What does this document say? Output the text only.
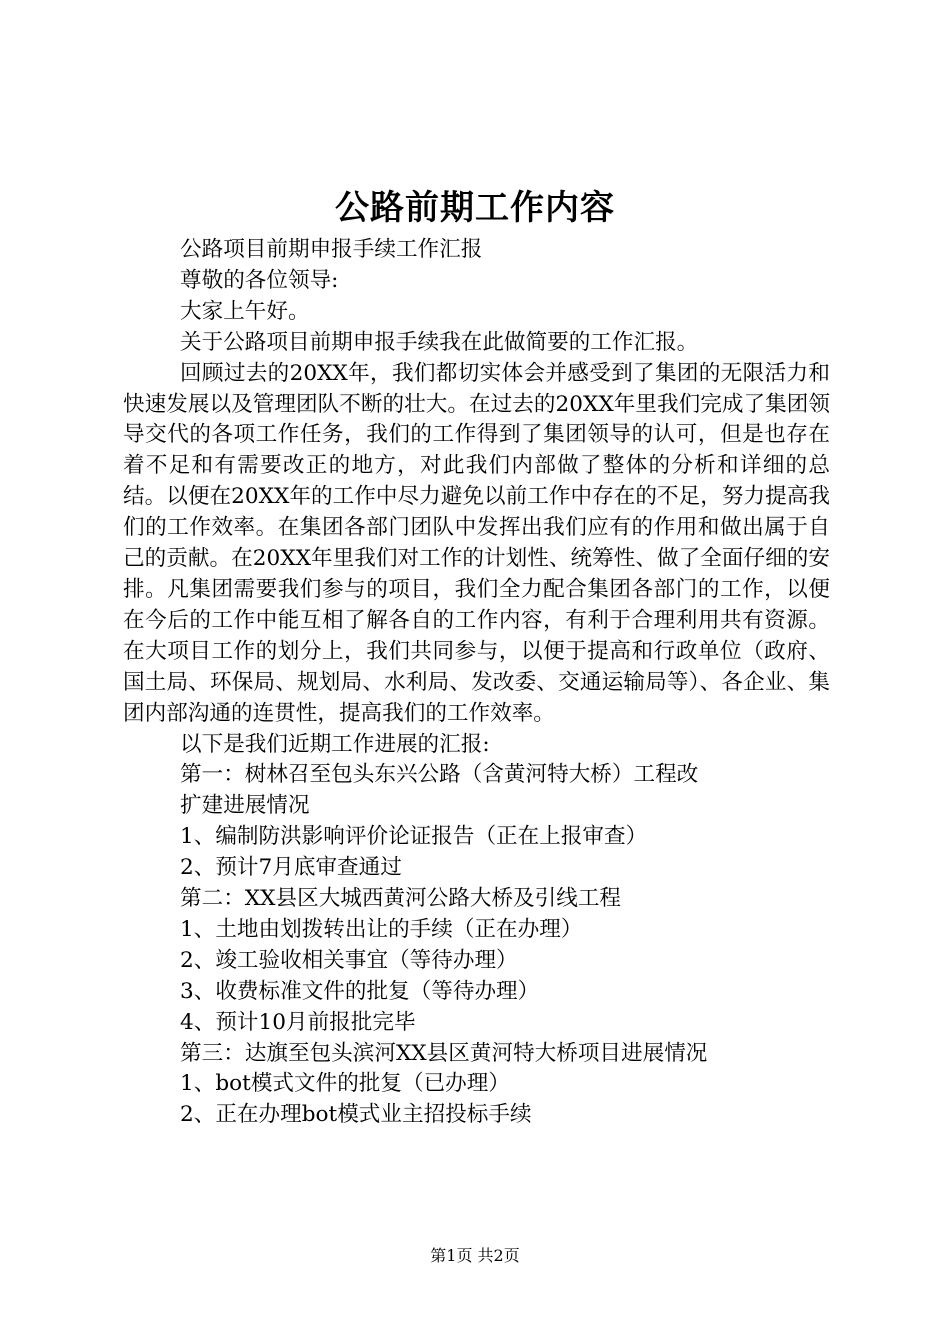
公路前期工作内容

公路项目前期申报手续工作汇报

尊敬的各位领导:

大家上午好。

关于公路项目前期申报手续我在此做简要的工作汇报。

回顾过去的20XX年，我们都切实体会并感受到了集团的无限活力和快速发展以及管理团队不断的壮大。在过去的20XX年里我们完成了集团领导交代的各项工作任务，我们的工作得到了集团领导的认可，但是也存在着不足和有需要改正的地方，对此我们内部做了整体的分析和详细的总结。以便在20XX年的工作中尽力避免以前工作中存在的不足，努力提高我们的工作效率。在集团各部门团队中发挥出我们应有的作用和做出属于自己的贡献。在20XX年里我们对工作的计划性、统筹性、做了全面仔细的安排。凡集团需要我们参与的项目，我们全力配合集团各部门的工作，以便在今后的工作中能互相了解各自的工作内容，有利于合理利用共有资源。在大项目工作的划分上，我们共同参与，以便于提高和行政单位（政府、国土局、环保局、规划局、水利局、发改委、交通运输局等）、各企业、集团内部沟通的连贯性，提高我们的工作效率。

以下是我们近期工作进展的汇报:

第一：树林召至包头东兴公路（含黄河特大桥）工程改

扩建进展情况

1、编制防洪影响评价论证报告（正在上报审查）

2、预计7月底审查通过

第二：XX县区大城西黄河公路大桥及引线工程

1、土地由划拨转出让的手续（正在办理）

2、竣工验收相关事宜（等待办理）

3、收费标准文件的批复（等待办理）

4、预计10月前报批完毕

第三：达旗至包头滨河XX县区黄河特大桥项目进展情况

1、bot模式文件的批复（已办理）

2、正在办理bot模式业主招投标手续

第1页 共2页
